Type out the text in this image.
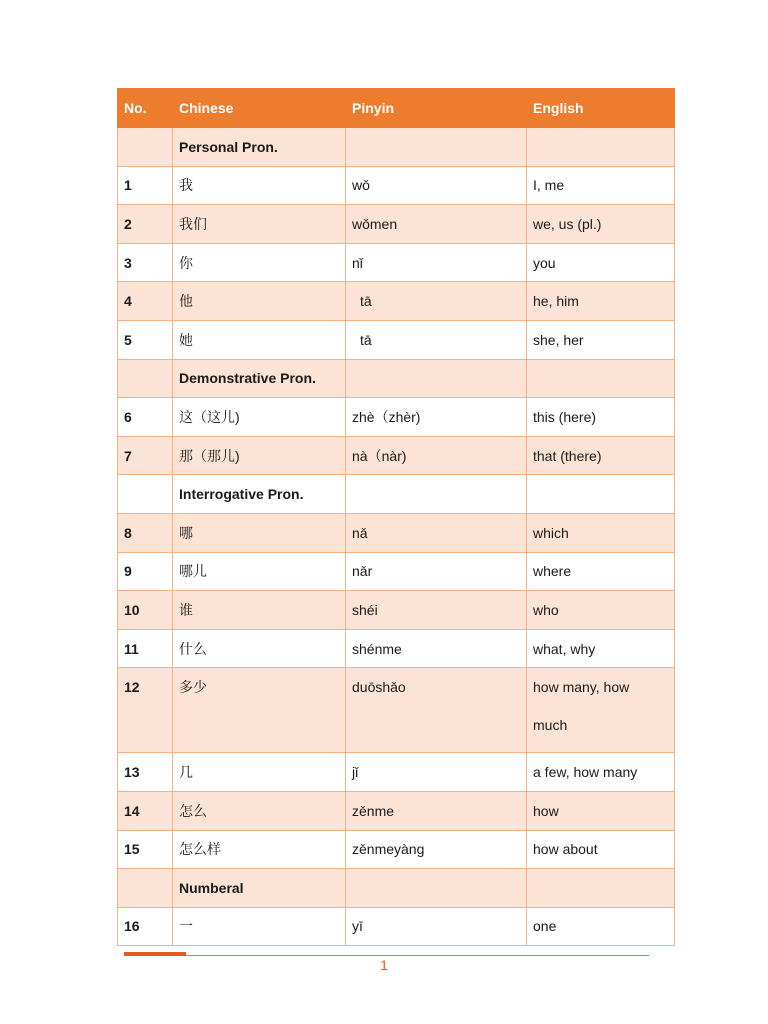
No.	Chinese	Pinyin	English
	Personal Pron.		
1	我	wǒ	I, me
2	我们	wǒmen	we, us (pl.)
3	你	nǐ	you
4	他	tā	he, him
5	她	tā	she, her
	Demonstrative Pron.		
6	这（这儿)	zhè（zhèr)	this (here)
7	那（那儿)	nà（nàr)	that (there)
	Interrogative Pron.		
8	哪	nǎ	which
9	哪儿	nǎr	where
10	谁	shéi	who
11	什么	shénme	what, why

12	多少	duōshǎo	how many, how
much
13	几	jǐ	a few, how many
14	怎么	zěnme	how
15	怎么样	zěnmeyàng	how about
	Numberal		
16	一	yī	one
1
